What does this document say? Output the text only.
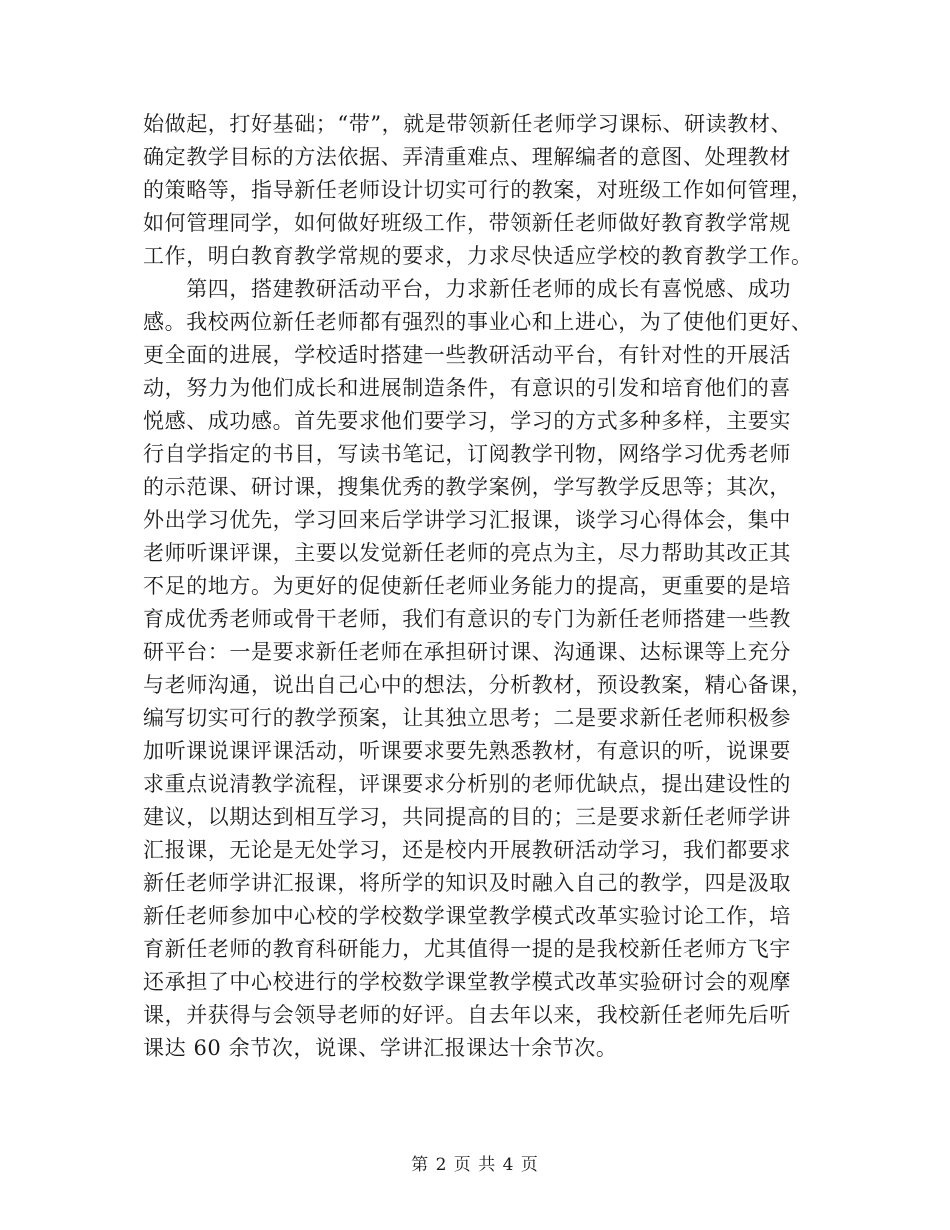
始做起，打好基础；“带”，就是带领新任老师学习课标、研读教材、
确定教学目标的方法依据、弄清重难点、理解编者的意图、处理教材
的策略等，指导新任老师设计切实可行的教案，对班级工作如何管理，
如何管理同学，如何做好班级工作，带领新任老师做好教育教学常规
工作，明白教育教学常规的要求，力求尽快适应学校的教育教学工作。
　　第四，搭建教研活动平台，力求新任老师的成长有喜悦感、成功
感。我校两位新任老师都有强烈的事业心和上进心，为了使他们更好、
更全面的进展，学校适时搭建一些教研活动平台，有针对性的开展活
动，努力为他们成长和进展制造条件，有意识的引发和培育他们的喜
悦感、成功感。首先要求他们要学习，学习的方式多种多样，主要实
行自学指定的书目，写读书笔记，订阅教学刊物，网络学习优秀老师
的示范课、研讨课，搜集优秀的教学案例，学写教学反思等；其次，
外出学习优先，学习回来后学讲学习汇报课，谈学习心得体会，集中
老师听课评课，主要以发觉新任老师的亮点为主，尽力帮助其改正其
不足的地方。为更好的促使新任老师业务能力的提高，更重要的是培
育成优秀老师或骨干老师，我们有意识的专门为新任老师搭建一些教
研平台：一是要求新任老师在承担研讨课、沟通课、达标课等上充分
与老师沟通，说出自己心中的想法，分析教材，预设教案，精心备课，
编写切实可行的教学预案，让其独立思考；二是要求新任老师积极参
加听课说课评课活动，听课要求要先熟悉教材，有意识的听，说课要
求重点说清教学流程，评课要求分析别的老师优缺点，提出建设性的
建议，以期达到相互学习，共同提高的目的；三是要求新任老师学讲
汇报课，无论是无处学习，还是校内开展教研活动学习，我们都要求
新任老师学讲汇报课，将所学的知识及时融入自己的教学，四是汲取
新任老师参加中心校的学校数学课堂教学模式改革实验讨论工作，培
育新任老师的教育科研能力，尤其值得一提的是我校新任老师方飞宇
还承担了中心校进行的学校数学课堂教学模式改革实验研讨会的观摩
课，并获得与会领导老师的好评。自去年以来，我校新任老师先后听
课达 60 余节次，说课、学讲汇报课达十余节次。
第 2 页 共 4 页
